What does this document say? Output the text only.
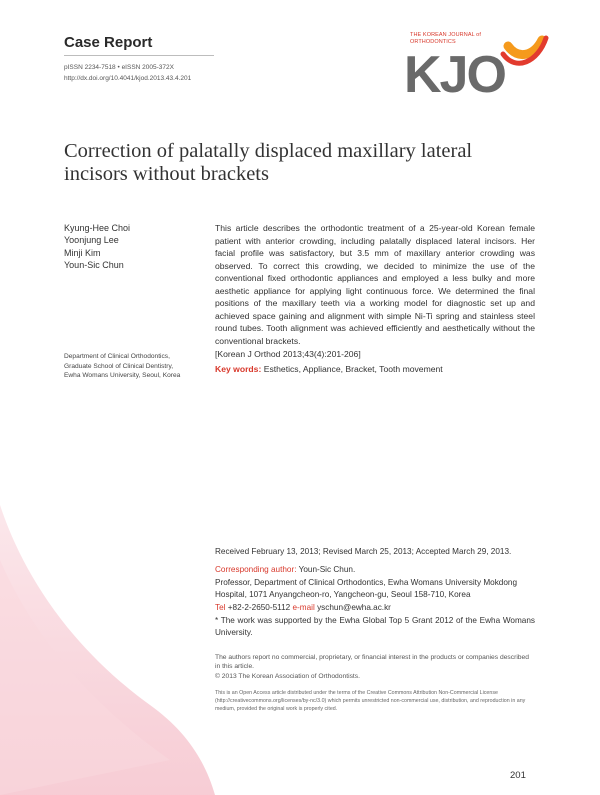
Case Report
pISSN 2234-7518 • eISSN 2005-372X
http://dx.doi.org/10.4041/kjod.2013.43.4.201
THE KOREAN JOURNAL of
ORTHODONTICS
KJO
Correction of palatally displaced maxillary lateral incisors without brackets
Kyung-Hee Choi
Yoonjung Lee
Minji Kim
Youn-Sic Chun
Department of Clinical Orthodontics,
Graduate School of Clinical Dentistry,
Ewha Womans University, Seoul, Korea
This article describes the orthodontic treatment of a 25-year-old Korean female patient with anterior crowding, including palatally displaced lateral incisors. Her facial profile was satisfactory, but 3.5 mm of maxillary anterior crowding was observed. To correct this crowding, we decided to minimize the use of the conventional fixed orthodontic appliances and employed a less bulky and more aesthetic appliance for applying light continuous force. We determined the final positions of the maxillary teeth via a working model for diagnostic set up and achieved space gaining and alignment with simple Ni-Ti spring and stainless steel round tubes. Tooth alignment was achieved efficiently and aesthetically without the conventional brackets.
[Korean J Orthod 2013;43(4):201-206]
Key words: Esthetics, Appliance, Bracket, Tooth movement
Received February 13, 2013; Revised March 25, 2013; Accepted March 29, 2013.
Corresponding author: Youn-Sic Chun.
Professor, Department of Clinical Orthodontics, Ewha Womans University Mokdong Hospital, 1071 Anyangcheon-ro, Yangcheon-gu, Seoul 158-710, Korea
Tel +82-2-2650-5112 e-mail yschun@ewha.ac.kr
* The work was supported by the Ewha Global Top 5 Grant 2012 of the Ewha Womans University.
The authors report no commercial, proprietary, or financial interest in the products or companies described in this article.
© 2013 The Korean Association of Orthodontists.
This is an Open Access article distributed under the terms of the Creative Commons Attribution Non-Commercial License (http://creativecommons.org/licenses/by-nc/3.0) which permits unrestricted non-commercial use, distribution, and reproduction in any medium, provided the original work is properly cited.
201
